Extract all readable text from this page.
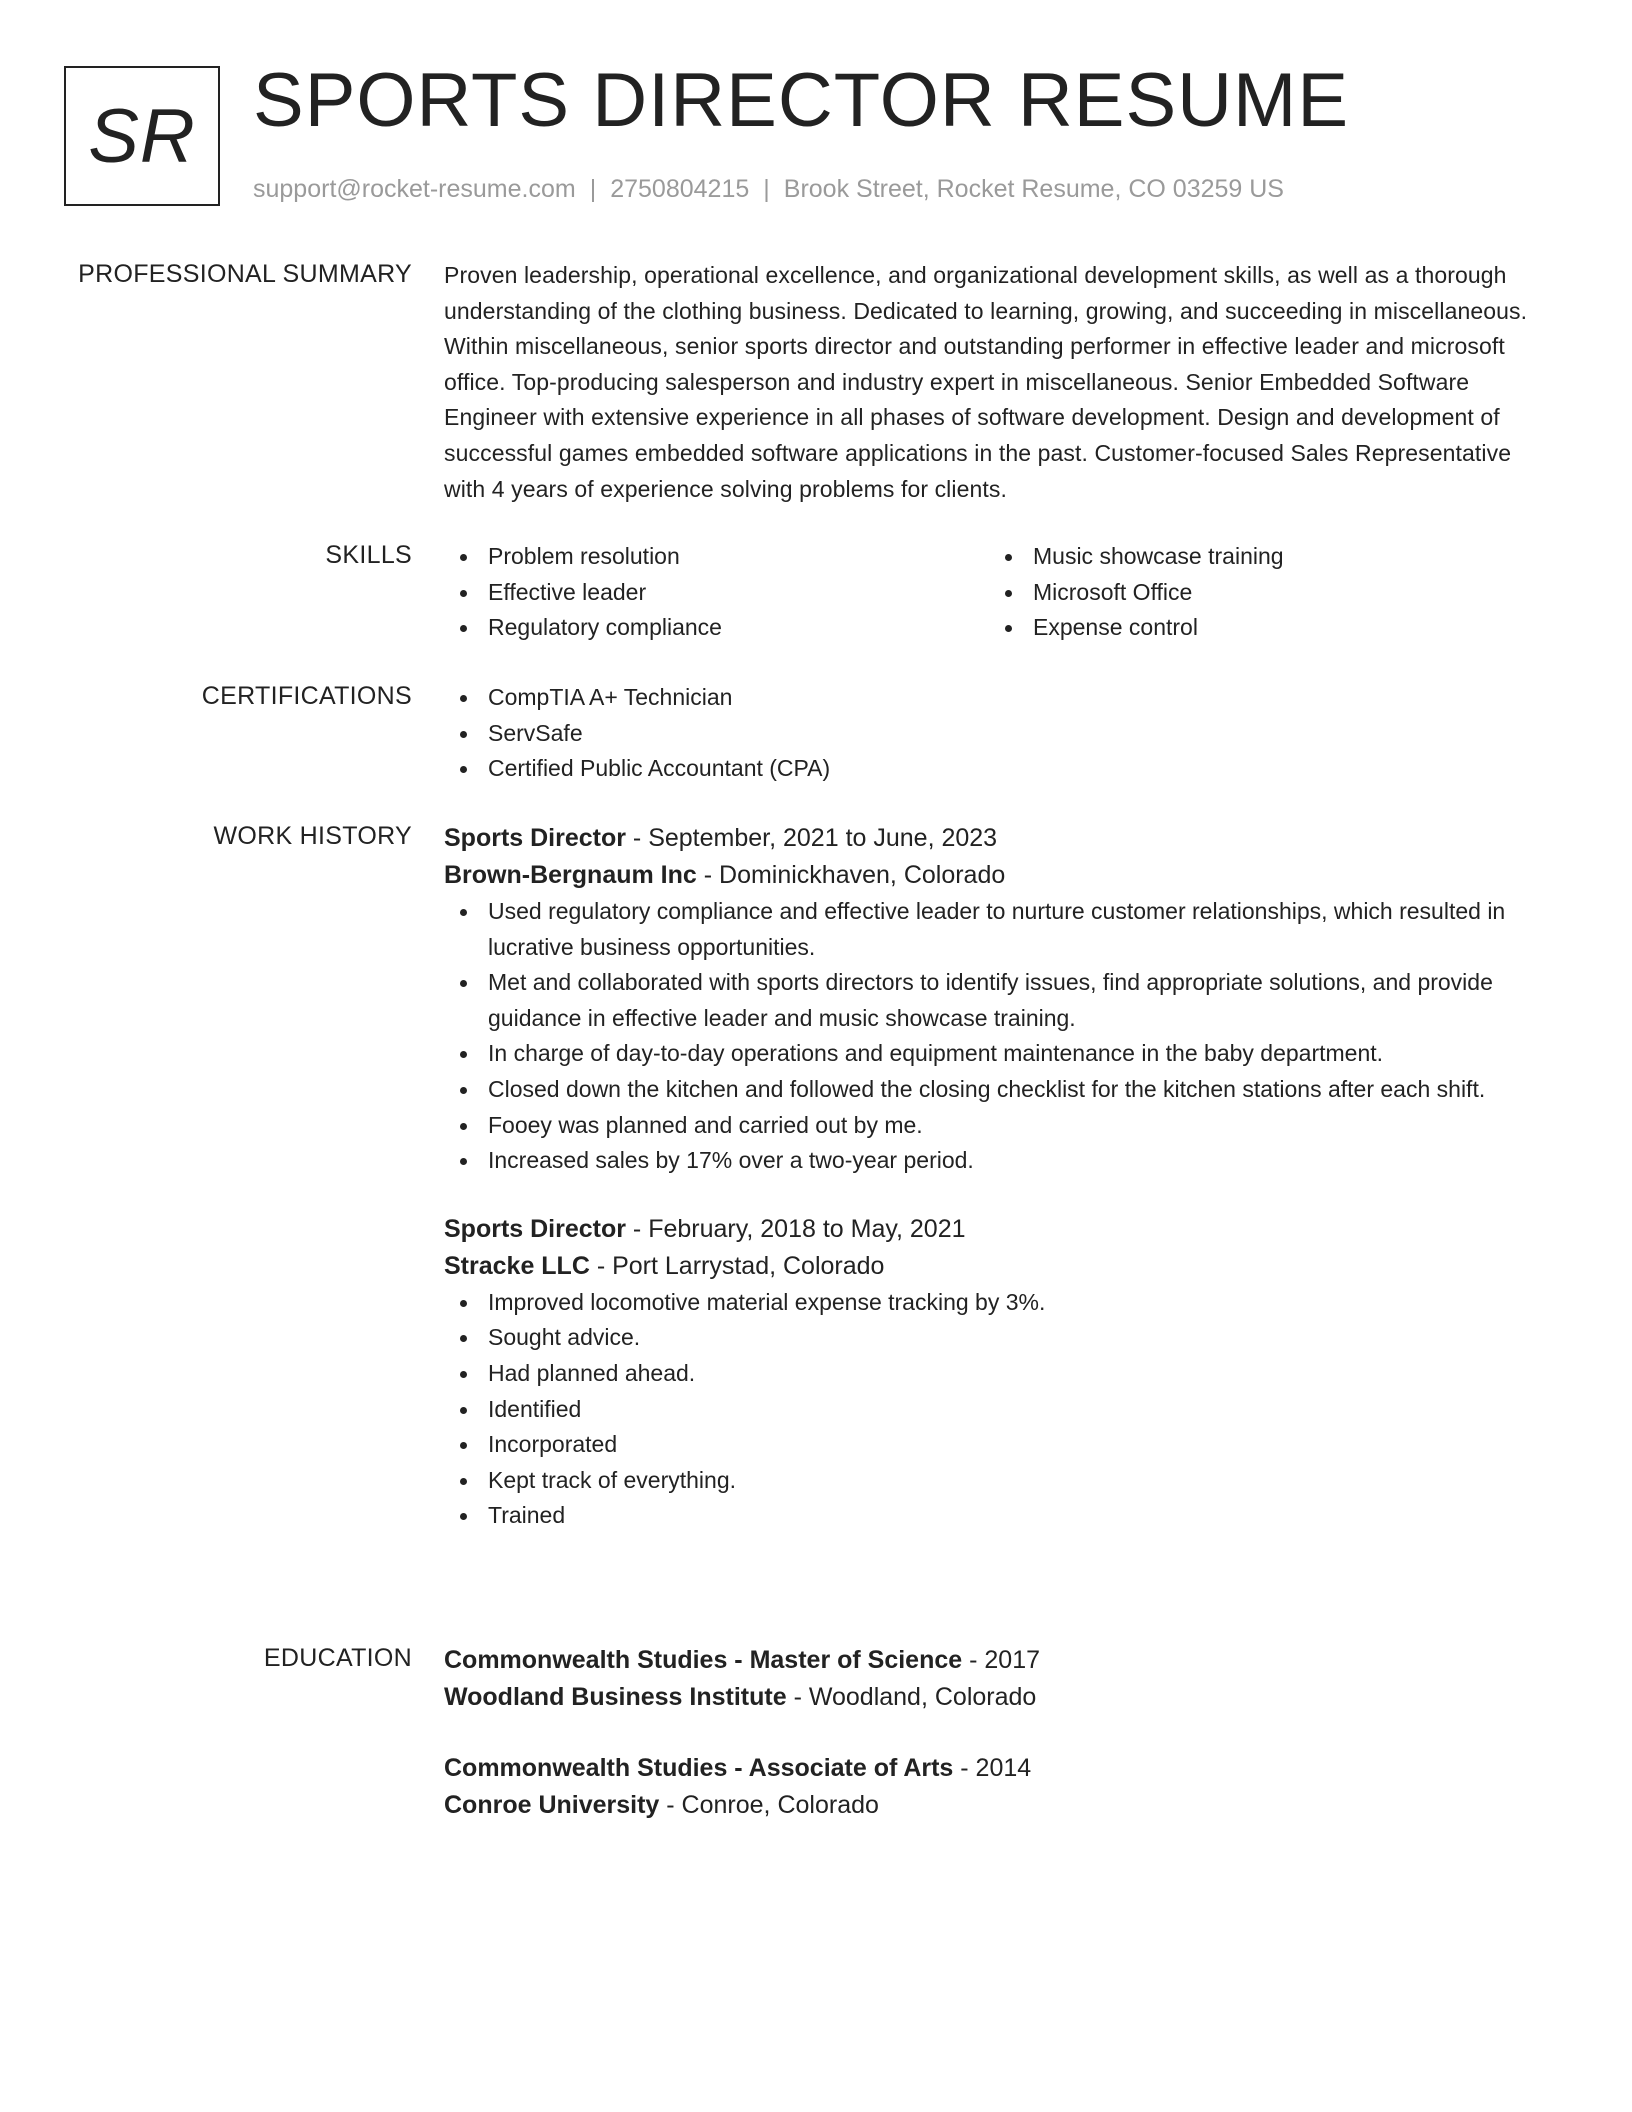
SR SPORTS DIRECTOR RESUME
support@rocket-resume.com | 2750804215 | Brook Street, Rocket Resume, CO 03259 US
PROFESSIONAL SUMMARY Proven leadership, operational excellence, and organizational development skills, as well as a thorough understanding of the clothing business. Dedicated to learning, growing, and succeeding in miscellaneous. Within miscellaneous, senior sports director and outstanding performer in effective leader and microsoft office. Top-producing salesperson and industry expert in miscellaneous. Senior Embedded Software Engineer with extensive experience in all phases of software development. Design and development of successful games embedded software applications in the past. Customer-focused Sales Representative with 4 years of experience solving problems for clients.

SKILLS	Problem resolution
Effective leader
Regulatory compliance
Music showcase training
Microsoft Office
Expense control
CERTIFICATIONS	CompTIA A+ Technician
ServSafe
Certified Public Accountant (CPA)
WORK HISTORY Sports Director - September, 2021 to June, 2023
Brown-Bergnaum Inc - Dominickhaven, Colorado
Used regulatory compliance and effective leader to nurture customer relationships, which resulted in lucrative business opportunities.
Met and collaborated with sports directors to identify issues, find appropriate solutions, and provide guidance in effective leader and music showcase training.
In charge of day-to-day operations and equipment maintenance in the baby department.
Closed down the kitchen and followed the closing checklist for the kitchen stations after each shift.
Fooey was planned and carried out by me.
Increased sales by 17% over a two-year period.
Sports Director - February, 2018 to May, 2021
Stracke LLC - Port Larrystad, Colorado
Improved locomotive material expense tracking by 3%.
Sought advice.
Had planned ahead.
Identified
Incorporated
Kept track of everything.
Trained
EDUCATION Commonwealth Studies - Master of Science - 2017
Woodland Business Institute - Woodland, Colorado
Commonwealth Studies - Associate of Arts - 2014
Conroe University - Conroe, Colorado
